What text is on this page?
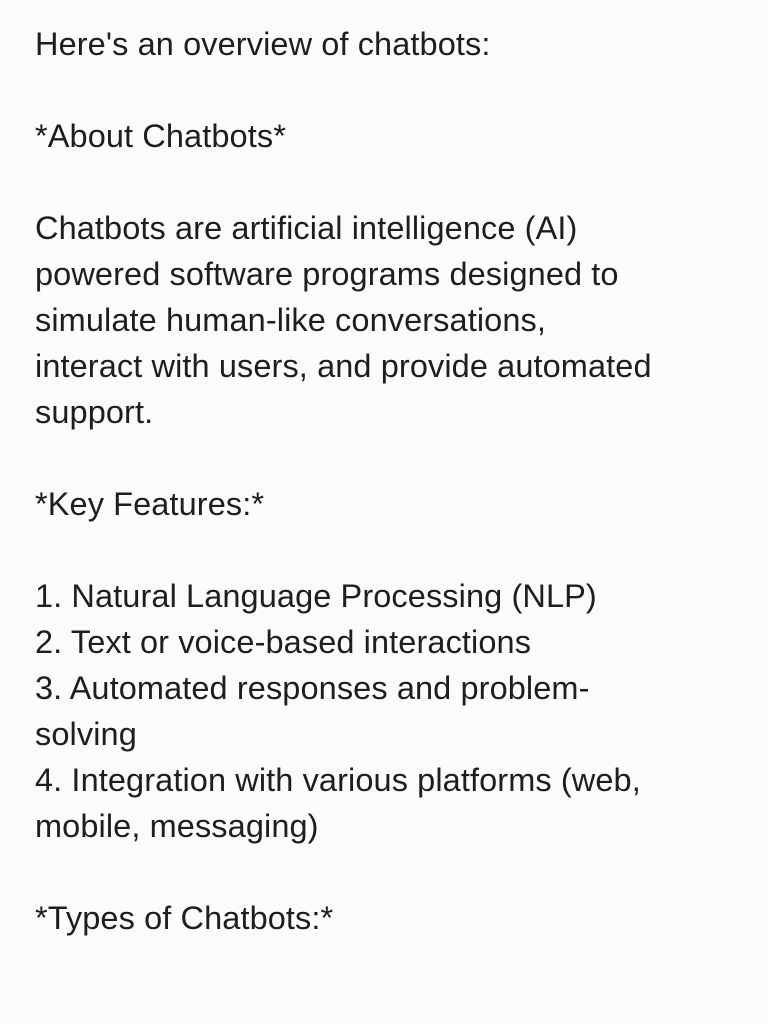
Here's an overview of chatbots:
*About Chatbots*
Chatbots are artificial intelligence (AI)
powered software programs designed to
simulate human-like conversations,
interact with users, and provide automated
support.
*Key Features:*
1. Natural Language Processing (NLP)
2. Text or voice-based interactions
3. Automated responses and problem-
solving
4. Integration with various platforms (web,
mobile, messaging)
*Types of Chatbots:*
